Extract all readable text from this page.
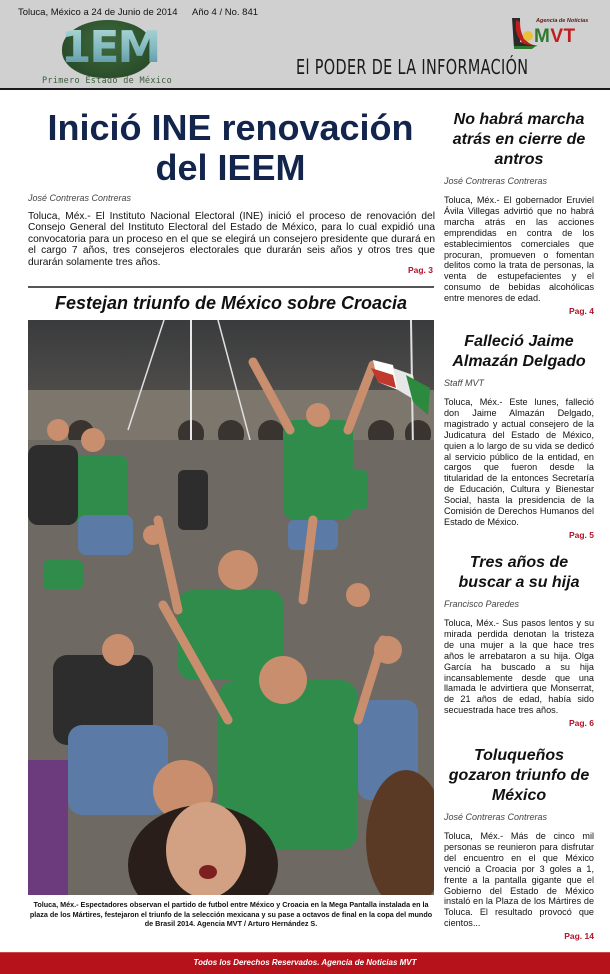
Toluca, México a 24 de Junio de 2014 Año 4 / No. 841
1EM
Primero Estado de México
El PODER DE LA INFORMACIÓN
Agencia de Noticias
MVT
Inició INE renovación del IEEM
José Contreras Contreras

Toluca, Méx.- El Instituto Nacional Electoral (INE) inició el proceso de renovación del Consejo General del Instituto Electoral del Estado de México, para lo cual expidió una convocatoria para un proceso en el que se elegirá un consejero presidente que durará en el cargo 7 años, tres consejeros electorales que durarán seis años y otros tres que durarán solamente tres años.

Pag. 3
Festejan triunfo de México sobre Croacia

Toluca, Méx.- Espectadores observan el partido de futbol entre México y Croacia en la Mega Pantalla instalada en la plaza de los Mártires, festejaron el triunfo de la selección mexicana y su pase a octavos de final en la copa del mundo de Brasil 2014. Agencia MVT / Arturo Hernández S.

No habrá marcha atrás en cierre de antros
José Contreras Contreras

Toluca, Méx.- El gobernador Eruviel Ávila Villegas advirtió que no habrá marcha atrás en las acciones emprendidas en contra de los establecimientos comerciales que procuran, promueven o fomentan delitos como la trata de personas, la venta de estupefacientes y el consumo de bebidas alcohólicas entre menores de edad.

Pag. 4
Falleció Jaime Almazán Delgado
Staff MVT

Toluca, Méx.- Este lunes, falleció don Jaime Almazán Delgado, magistrado y actual consejero de la Judicatura del Estado de México, quien a lo largo de su vida se dedicó al servicio público de la entidad, en cargos que fueron desde la titularidad de la entonces Secretaría de Educación, Cultura y Bienestar Social, hasta la presidencia de la Comisión de Derechos Humanos del Estado de México.

Pag. 5
Tres años de buscar a su hija
Francisco Paredes

Toluca, Méx.- Sus pasos lentos y su mirada perdida denotan la tristeza de una mujer a la que hace tres años le arrebataron a su hija. Olga García ha buscado a su hija incansablemente desde que una llamada le advirtiera que Monserrat, de 21 años de edad, había sido secuestrada hace tres años.

Pag. 6
Toluqueños gozaron triunfo de México
José Contreras Contreras

Toluca, Méx.- Más de cinco mil personas se reunieron para disfrutar del encuentro en el que México venció a Croacia por 3 goles a 1, frente a la pantalla gigante que el Gobierno del Estado de México instaló en la Plaza de los Mártires de Toluca. El resultado provocó que cientos...

Pag. 14
Todos los Derechos Reservados. Agencia de Noticias MVT
